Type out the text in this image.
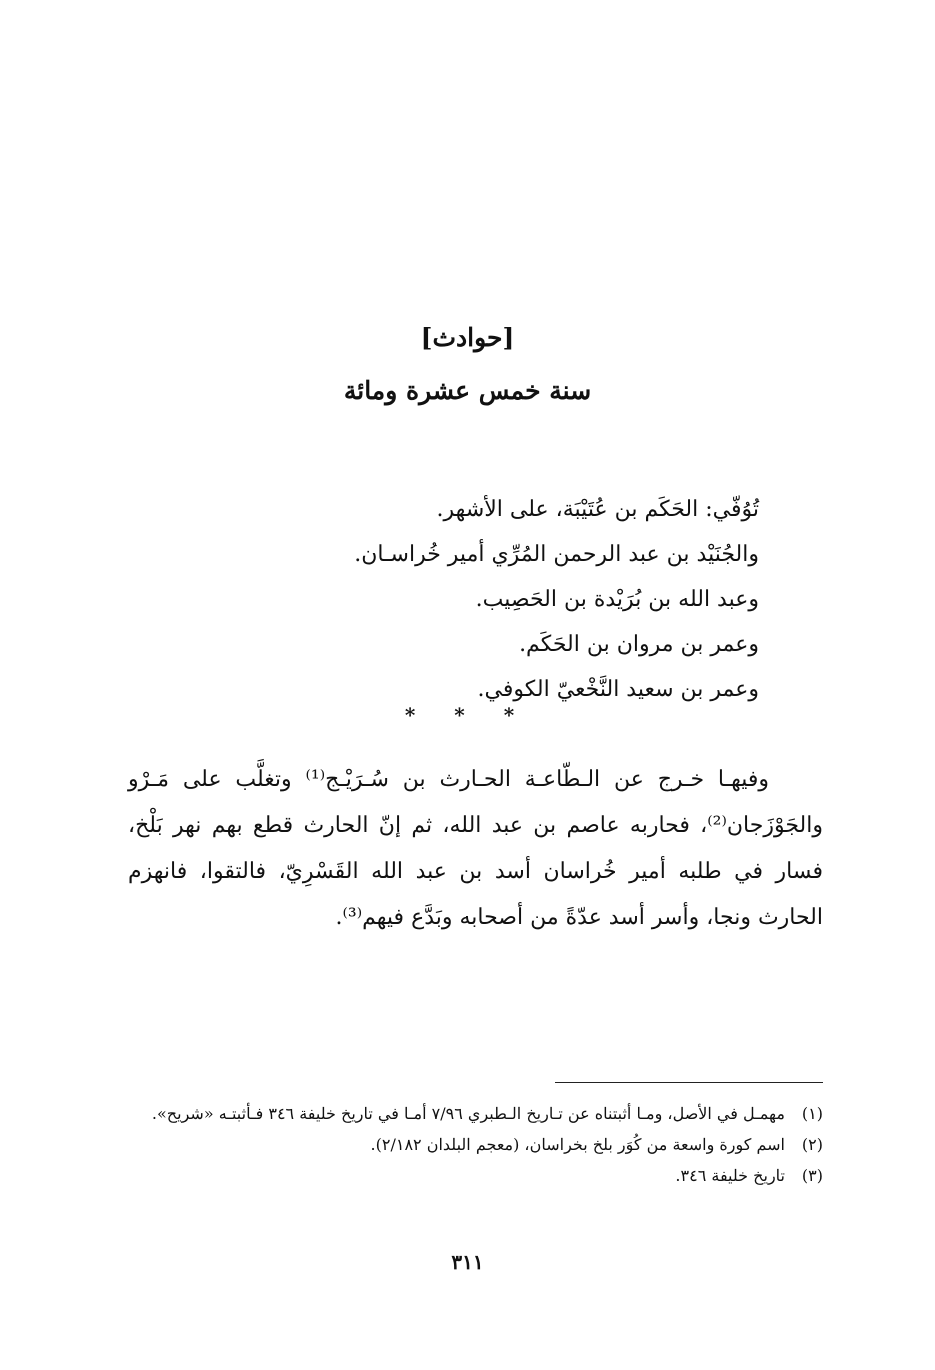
[حوادث]
سنة خمس عشرة ومائة
تُوُفّي: الحَكَم بن عُتَيْبَة، على الأشهر.
والجُنَيْد بن عبد الرحمن المُرِّي أمير خُراسـان.
وعبد الله بن بُرَيْدة بن الحَصِيب.
وعمر بن مروان بن الحَكَم.
وعمر بن سعيد النَّخْعيّ الكوفي.
* * *
وفيهـا خـرج عن الـطّاعـة الحـارث بن سُـرَيْـج⁽¹⁾ وتغلَّب على مَـرْو والجَوْزَجان⁽²⁾، فحاربه عاصم بن عبد الله، ثم إنّ الحارث قطع بهم نهر بَلْخ، فسار في طلبه أمير خُراسان أسد بن عبد الله القَسْرِيّ، فالتقوا، فانهزم الحارث ونجا، وأسر أسد عدّةً من أصحابه وبَدَّع فيهم⁽³⁾.
(١)
مهمـل في الأصل، ومـا أثبتناه عن تـاريخ الـطبري ٧/٩٦ أمـا في تاريخ خليفة ٣٤٦ فـأثبتـه «شريح».
(٢)
اسم كورة واسعة من كُوَر بلخ بخراسان، (معجم البلدان ٢/١٨٢).
(٣)
تاريخ خليفة ٣٤٦.
٣١١
